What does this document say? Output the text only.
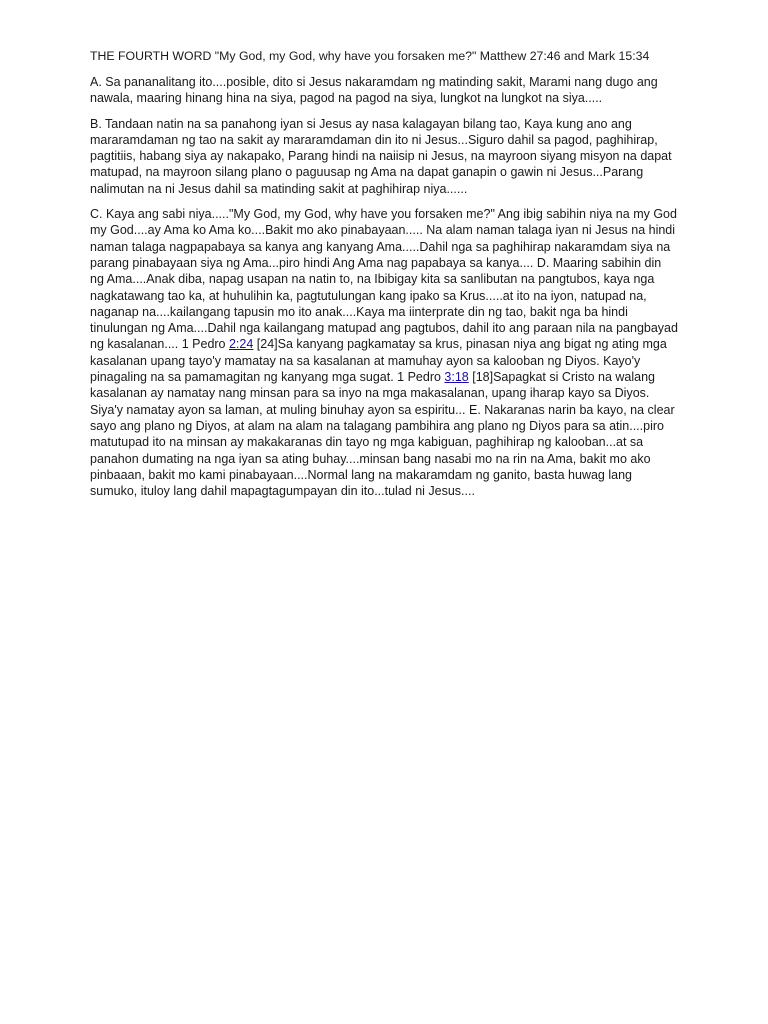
THE FOURTH WORD "My God, my God, why have you forsaken me?" Matthew 27:46 and Mark 15:34

A. Sa pananalitang ito....posible, dito si Jesus nakaramdam ng matinding sakit, Marami nang dugo ang nawala, maaring hinang hina na siya, pagod na pagod na siya, lungkot na lungkot na siya.....

B. Tandaan natin na sa panahong iyan si Jesus ay nasa kalagayan bilang tao, Kaya kung ano ang mararamdaman ng tao na sakit ay mararamdaman din ito ni Jesus...Siguro dahil sa pagod, paghihirap, pagtitiis, habang siya ay nakapako, Parang hindi na naiisip ni Jesus, na mayroon siyang misyon na dapat matupad, na mayroon silang plano o paguusap ng Ama na dapat ganapin o gawin ni Jesus...Parang nalimutan na ni Jesus dahil sa matinding sakit at paghihirap niya......

C. Kaya ang sabi niya....."My God, my God, why have you forsaken me?" Ang ibig sabihin niya na my God my God....ay Ama ko Ama ko....Bakit mo ako pinabayaan..... Na alam naman talaga iyan ni Jesus na hindi naman talaga nagpapabaya sa kanya ang kanyang Ama.....Dahil nga sa paghihirap nakaramdam siya na parang pinabayaan siya ng Ama...piro hindi Ang Ama nag papabaya sa kanya.... D. Maaring sabihin din ng Ama....Anak diba, napag usapan na natin to, na Ibibigay kita sa sanlibutan na pangtubos, kaya nga nagkatawang tao ka, at huhulihin ka, pagtutulungan kang ipako sa Krus.....at ito na iyon, natupad na, naganap na....kailangang tapusin mo ito anak....Kaya ma iinterprate din ng tao, bakit nga ba hindi tinulungan ng Ama....Dahil nga kailangang matupad ang pagtubos, dahil ito ang paraan nila na pangbayad ng kasalanan.... 1 Pedro 2:24 [24]Sa kanyang pagkamatay sa krus, pinasan niya ang bigat ng ating mga kasalanan upang tayo'y mamatay na sa kasalanan at mamuhay ayon sa kalooban ng Diyos. Kayo'y pinagaling na sa pamamagitan ng kanyang mga sugat. 1 Pedro 3:18 [18]Sapagkat si Cristo na walang kasalanan ay namatay nang minsan para sa inyo na mga makasalanan, upang iharap kayo sa Diyos. Siya'y namatay ayon sa laman, at muling binuhay ayon sa espiritu... E. Nakaranas narin ba kayo, na clear sayo ang plano ng Diyos, at alam na alam na talagang pambihira ang plano ng Diyos para sa atin....piro matutupad ito na minsan ay makakaranas din tayo ng mga kabiguan, paghihirap ng kalooban...at sa panahon dumating na nga iyan sa ating buhay....minsan bang nasabi mo na rin na Ama, bakit mo ako pinbaaan, bakit mo kami pinabayaan....Normal lang na makaramdam ng ganito, basta huwag lang sumuko, ituloy lang dahil mapagtagumpayan din ito...tulad ni Jesus....
